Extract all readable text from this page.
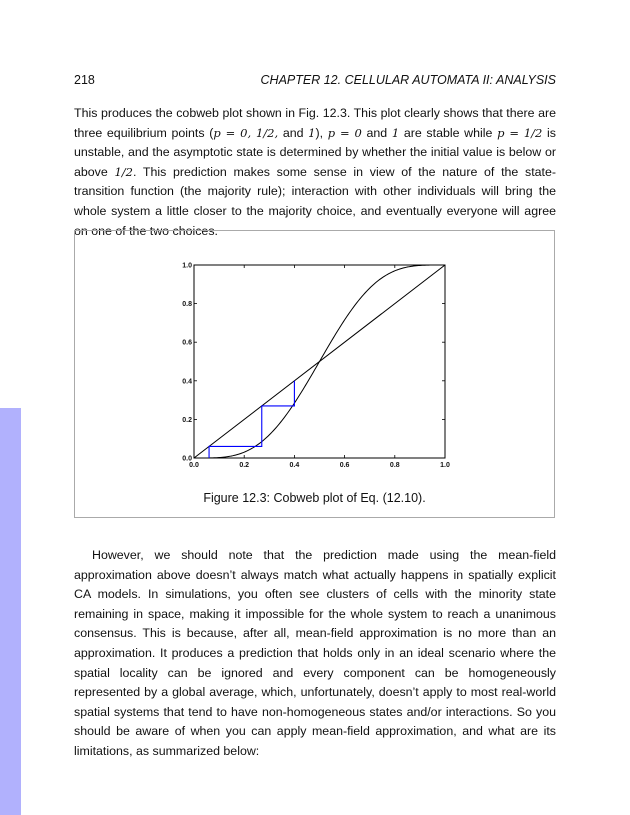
218	CHAPTER 12. CELLULAR AUTOMATA II: ANALYSIS

This produces the cobweb plot shown in Fig. 12.3. This plot clearly shows that there are three equilibrium points (p = 0, 1/2, and 1), p = 0 and 1 are stable while p = 1/2 is unstable, and the asymptotic state is determined by whether the initial value is below or above 1/2. This prediction makes some sense in view of the nature of the state-transition function (the majority rule); interaction with other individuals will bring the whole system a little closer to the majority choice, and eventually everyone will agree on one of the two choices.

0.0	0.2	0.4	0.6	0.8	1.0
0.0
0.2
0.4
0.6
0.8
1.0
Figure 12.3: Cobweb plot of Eq. (12.10).

However, we should note that the prediction made using the mean-field approximation above doesn’t always match what actually happens in spatially explicit CA models. In simulations, you often see clusters of cells with the minority state remaining in space, making it impossible for the whole system to reach a unanimous consensus. This is because, after all, mean-field approximation is no more than an approximation. It produces a prediction that holds only in an ideal scenario where the spatial locality can be ignored and every component can be homogeneously represented by a global average, which, unfortunately, doesn’t apply to most real-world spatial systems that tend to have non-homogeneous states and/or interactions. So you should be aware of when you can apply mean-field approximation, and what are its limitations, as summarized below:
